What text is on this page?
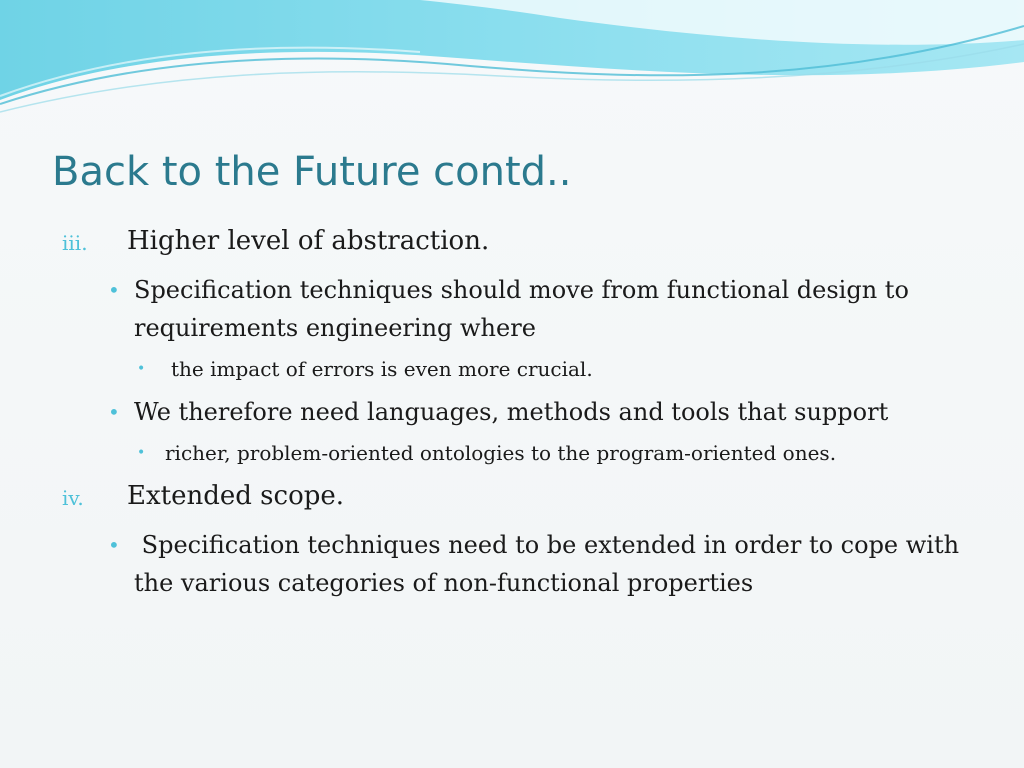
Back to the Future contd..
iii. Higher level of abstraction.
• Specification techniques should move from functional design to requirements engineering where
• the impact of errors is even more crucial.
• We therefore need languages, methods and tools that support
• richer, problem-oriented ontologies to the program-oriented ones.
iv. Extended scope.
• Specification techniques need to be extended in order to cope with the various categories of non-functional properties
